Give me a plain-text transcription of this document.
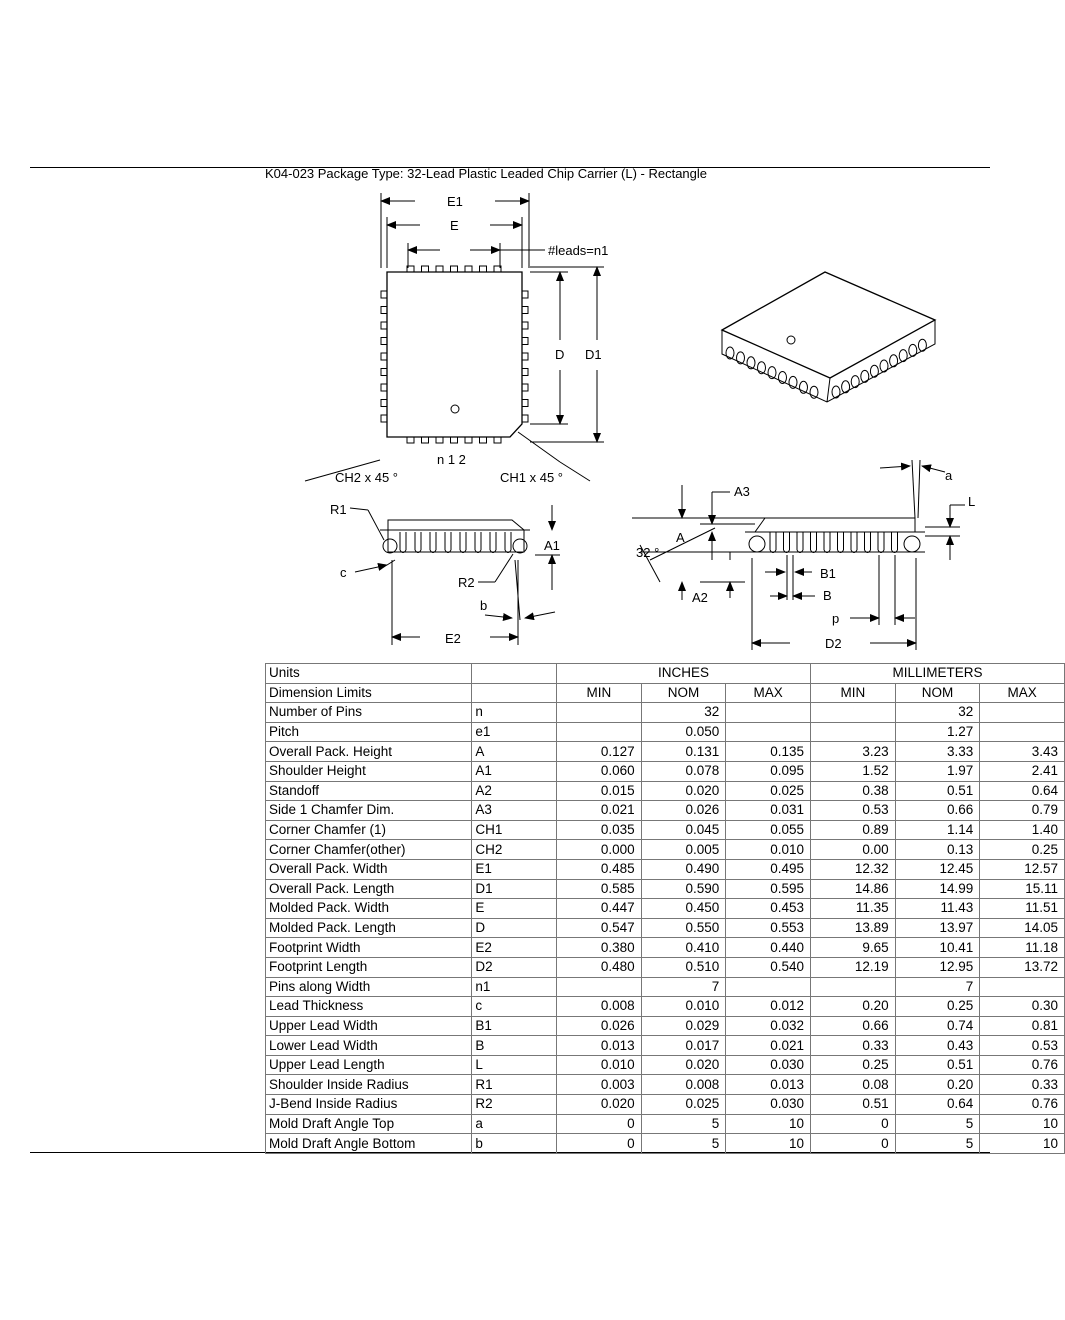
K04-023 Package Type: 32-Lead Plastic Leaded Chip Carrier (L) - Rectangle
E1
E
#leads=n1
D D1
n 1 2
CH2 x 45 °	CH1 x 45 °
R1
c
R2
b
E2
A1
A3
A
32 °
A2
B1
B
p
D2
a
L
Units		INCHES			MILLIMETERS		
Dimension Limits		MIN	NOM	MAX	MIN	NOM	MAX
Number of Pins	n		32			32	
Pitch	e1		0.050			1.27	
Overall Pack. Height	A	0.127	0.131	0.135	3.23	3.33	3.43
Shoulder Height	A1	0.060	0.078	0.095	1.52	1.97	2.41
Standoff	A2	0.015	0.020	0.025	0.38	0.51	0.64
Side 1 Chamfer Dim.	A3	0.021	0.026	0.031	0.53	0.66	0.79
Corner Chamfer (1)	CH1	0.035	0.045	0.055	0.89	1.14	1.40
Corner Chamfer(other)	CH2	0.000	0.005	0.010	0.00	0.13	0.25
Overall Pack. Width	E1	0.485	0.490	0.495	12.32	12.45	12.57
Overall Pack. Length	D1	0.585	0.590	0.595	14.86	14.99	15.11
Molded Pack. Width	E	0.447	0.450	0.453	11.35	11.43	11.51
Molded Pack. Length	D	0.547	0.550	0.553	13.89	13.97	14.05
Footprint Width	E2	0.380	0.410	0.440	9.65	10.41	11.18
Footprint Length	D2	0.480	0.510	0.540	12.19	12.95	13.72
Pins along Width	n1		7			7	
Lead Thickness	c	0.008	0.010	0.012	0.20	0.25	0.30
Upper Lead Width	B1	0.026	0.029	0.032	0.66	0.74	0.81
Lower Lead Width	B	0.013	0.017	0.021	0.33	0.43	0.53
Upper Lead Length	L	0.010	0.020	0.030	0.25	0.51	0.76
Shoulder Inside Radius	R1	0.003	0.008	0.013	0.08	0.20	0.33
J-Bend Inside Radius	R2	0.020	0.025	0.030	0.51	0.64	0.76
Mold Draft Angle Top	a	0	5	10	0	5	10
Mold Draft Angle Bottom	b	0	5	10	0	5	10
